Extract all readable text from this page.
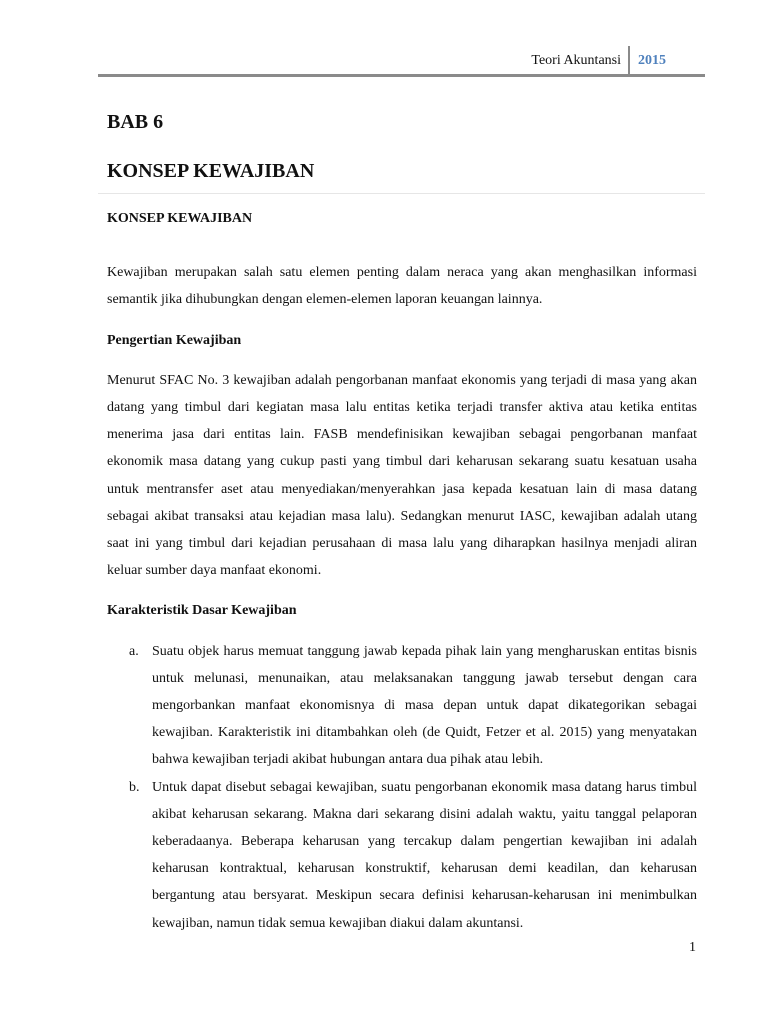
Teori Akuntansi 2015
BAB 6
KONSEP KEWAJIBAN

KONSEP KEWAJIBAN

Kewajiban merupakan salah satu elemen penting dalam neraca yang akan menghasilkan informasi semantik jika dihubungkan dengan elemen-elemen laporan keuangan lainnya.

Pengertian Kewajiban

Menurut SFAC No. 3 kewajiban adalah pengorbanan manfaat ekonomis yang terjadi di masa yang akan datang yang timbul dari kegiatan masa lalu entitas ketika terjadi transfer aktiva atau ketika entitas menerima jasa dari entitas lain. FASB mendefinisikan kewajiban sebagai pengorbanan manfaat ekonomik masa datang yang cukup pasti yang timbul dari keharusan sekarang suatu kesatuan usaha untuk mentransfer aset atau menyediakan/menyerahkan jasa kepada kesatuan lain di masa datang sebagai akibat transaksi atau kejadian masa lalu). Sedangkan menurut IASC, kewajiban adalah utang saat ini yang timbul dari kejadian perusahaan di masa lalu yang diharapkan hasilnya menjadi aliran keluar sumber daya manfaat ekonomi.

Karakteristik Dasar Kewajiban

a. Suatu objek harus memuat tanggung jawab kepada pihak lain yang mengharuskan entitas bisnis untuk melunasi, menunaikan, atau melaksanakan tanggung jawab tersebut dengan cara mengorbankan manfaat ekonomisnya di masa depan untuk dapat dikategorikan sebagai kewajiban. Karakteristik ini ditambahkan oleh (de Quidt, Fetzer et al. 2015) yang menyatakan bahwa kewajiban terjadi akibat hubungan antara dua pihak atau lebih.
b. Untuk dapat disebut sebagai kewajiban, suatu pengorbanan ekonomik masa datang harus timbul akibat keharusan sekarang. Makna dari sekarang disini adalah waktu, yaitu tanggal pelaporan keberadaanya. Beberapa keharusan yang tercakup dalam pengertian kewajiban ini adalah keharusan kontraktual, keharusan konstruktif, keharusan demi keadilan, dan keharusan bergantung atau bersyarat. Meskipun secara definisi keharusan-keharusan ini menimbulkan kewajiban, namun tidak semua kewajiban diakui dalam akuntansi.
1
